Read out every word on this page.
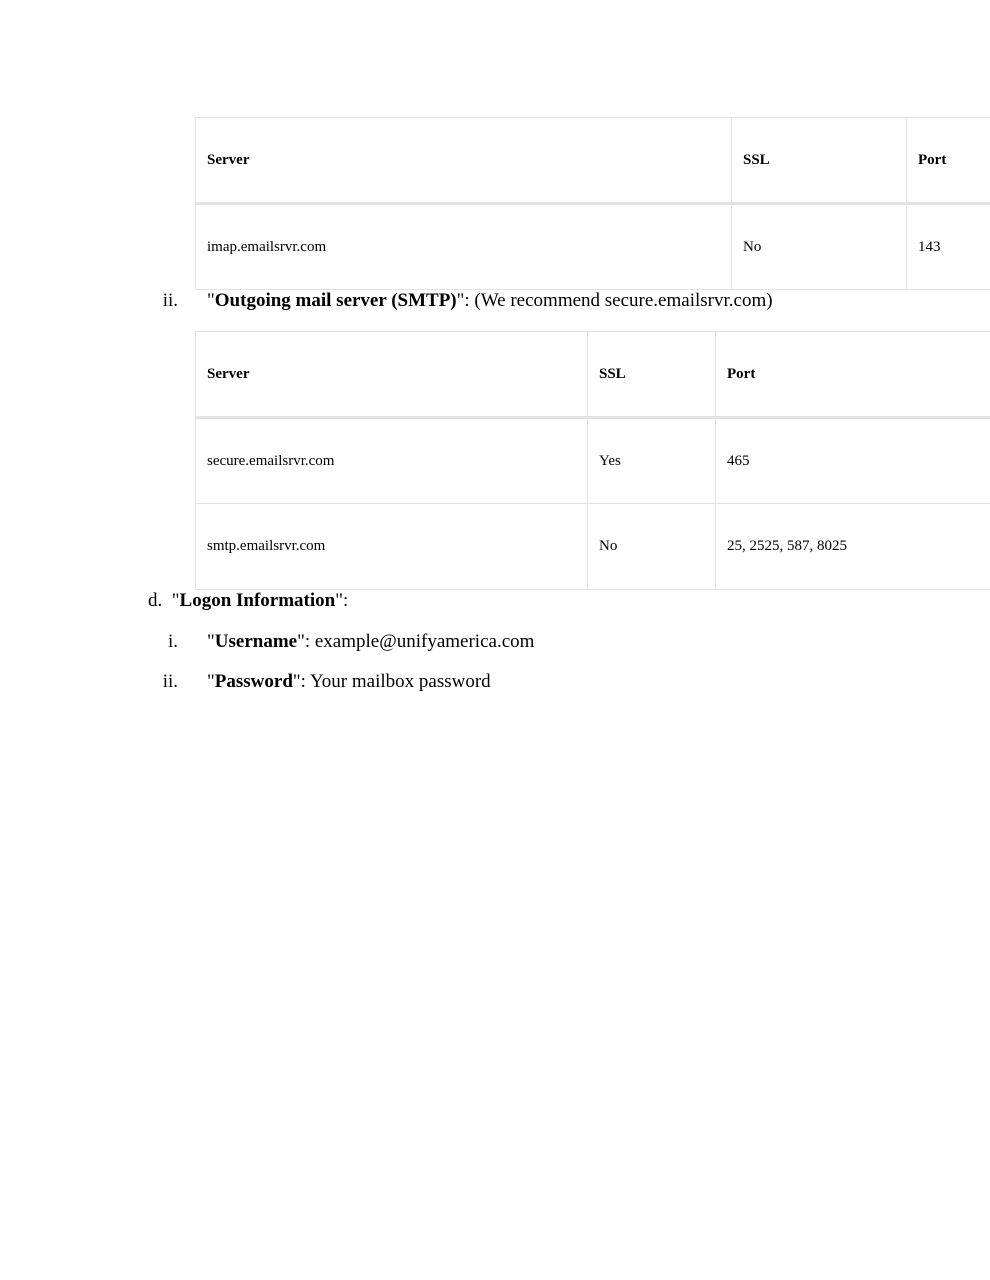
Server	SSL	Port
imap.emailsrvr.com	No	143
ii. "Outgoing mail server (SMTP)": (We recommend secure.emailsrvr.com)
Server	SSL	Port
secure.emailsrvr.com	Yes	465
smtp.emailsrvr.com	No	25, 2525, 587, 8025
d. "Logon Information":
i. "Username": example@unifyamerica.com
ii. "Password": Your mailbox password
